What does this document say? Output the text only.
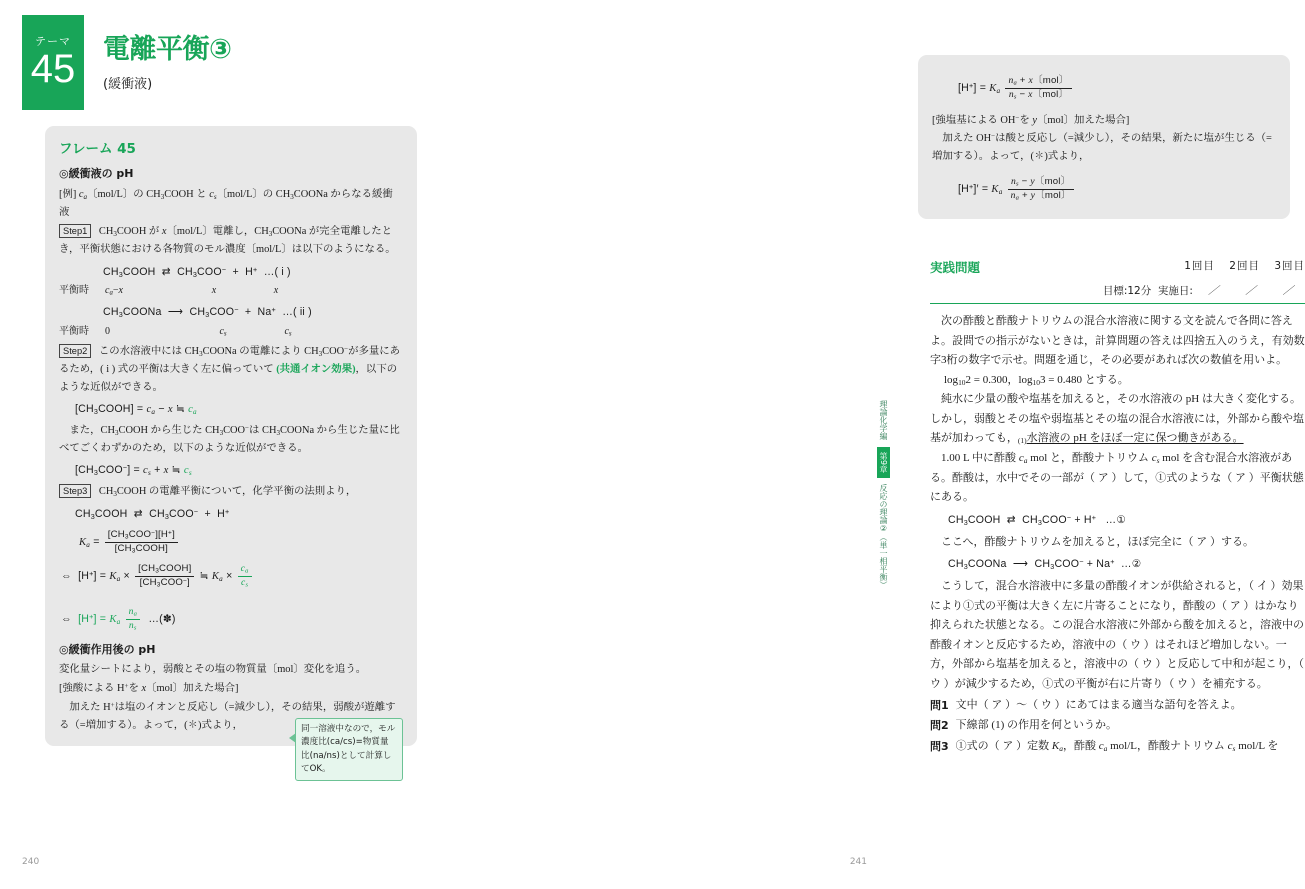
テーマ
45 電離平衡③
(緩衝液)
フレーム 45
◎緩衝液の pH
[例] $c_a$〔mol/L〕の $CH_3COOH$ と $c_s$〔mol/L〕の $CH_3COONa$ からなる緩衝液
Step1 $CH_3COOH$ が x〔mol/L〕電離し，$CH_3COONa$ が完全電離したとき，平衡状態における各物質のモル濃度〔mol/L〕は以下のようになる。
$CH_3COOH$  ⇄  $CH_3COO^- + H^+$  …( i )
平衡時	$c_a-x$	x	x
$CH_3COONa$  ⟶  $CH_3COO^- + Na^+$  …( ii )
平衡時	0	$c_s$	$c_s$
Step2 この水溶液中には $CH_3COONa$ の電離により $CH_3COO^-$が多量にあるため，( i ) 式の平衡は大きく左に偏っていて (共通イオン効果)，以下のような近似ができる。
$[CH_3COOH] = c_a - x$ ≒ $c_a$
また，$CH_3COOH$ から生じた $CH_3COO^-$は $CH_3COONa$ から生じた量に比べてごくわずかのため，以下のような近似ができる。
$[CH_3COO^-] = c_s + x$ ≒ $c_s$
Step3 $CH_3COOH$ の電離平衡について，化学平衡の法則より，
$CH_3COOH$  ⇄  $CH_3COO^- + H^+$
$K_a = \frac{[CH_3COO^-][H^+]}{[CH_3COOH]}$
⇔  $[H^+] = K_a \times \frac{[CH_3COOH]}{[CH_3COO^-]}$ ≒ $K_a \times \frac{c_a}{c_s}$
⇔  $[H^+] = K_a \frac{n_a}{n_s}$ …(✽)
◎緩衝作用後の pH
変化量シートにより，弱酸とその塩の物質量〔mol〕変化を追う。
[強酸による H+を x〔mol〕加えた場合]
加えた H+は塩のイオンと反応し（=減少し），その結果，弱酸が遊離する（=増加する）。よって，(✽)式より，	同一溶液中なので，モル濃度比(ca/cs)=物質量比(na/ns)として計算してOK。
240
$[H^+] = K_a \frac{n_a + x〔mol〕}{n_s - x〔mol〕}$
[強塩基による OH−を y〔mol〕加えた場合]
加えた OH−は酸と反応し（=減少し），その結果，新たに塩が生じる（=増加する）。よって，(✽)式より，
$[H^+]' = K_a \frac{n_s - y〔mol〕}{n_a + y〔mol〕}$
実践問題	1回目 2回目 3回目
目標:12分 実施日: ／	／	／

次の酢酸と酢酸ナトリウムの混合水溶液に関する文を読んで各問に答えよ。設問での指示がないときは，計算問題の答えは四捨五入のうえ，有効数字3桁の数字で示せ。問題を通じ，その必要があれば次の数値を用いよ。

$\log_{10}2 = 0.300$，$\log_{10}3 = 0.480$ とする。

純水に少量の酸や塩基を加えると，その水溶液の pH は大きく変化する。しかし，弱酸とその塩や弱塩基とその塩の混合水溶液には，外部から酸や塩基が加わっても，$_{(1)}$水溶液の pH をほぼ一定に保つ働きがある。

1.00 L 中に酢酸 $c_a$ mol と，酢酸ナトリウム $c_s$ mol を含む混合水溶液がある。酢酸は，水中でその一部が（ ア ）して，①式のような（ ア ）平衡状態にある。

$CH_3COOH$  ⇄  $CH_3COO^- + H^+$   …①

ここへ，酢酸ナトリウムを加えると，ほぼ完全に（ ア ）する。

$CH_3COONa$  ⟶  $CH_3COO^- + Na^+$  …②

こうして，混合水溶液中に多量の酢酸イオンが供給されると，（ イ ）効果により①式の平衡は大きく左に片寄ることになり，酢酸の（ ア ）はかなり抑えられた状態となる。この混合水溶液に外部から酸を加えると，溶液中の酢酸イオンと反応するため，溶液中の（ ウ ）はそれほど増加しない。一方，外部から塩基を加えると，溶液中の（ ウ ）と反応して中和が起こり，（ ウ ）が減少するため，①式の平衡が右に片寄り（ ウ ）を補充する。

問1 文中（ ア ）～（ ウ ）にあてはまる適当な語句を答えよ。
問2 下線部 (1) の作用を何というか。
問3 ①式の（ ア ）定数 $K_a$，酢酸 $c_a$ mol/L，酢酸ナトリウム $c_s$ mol/L を
理論化学編 第9章 反応の理論②（単一相平衡）
241
